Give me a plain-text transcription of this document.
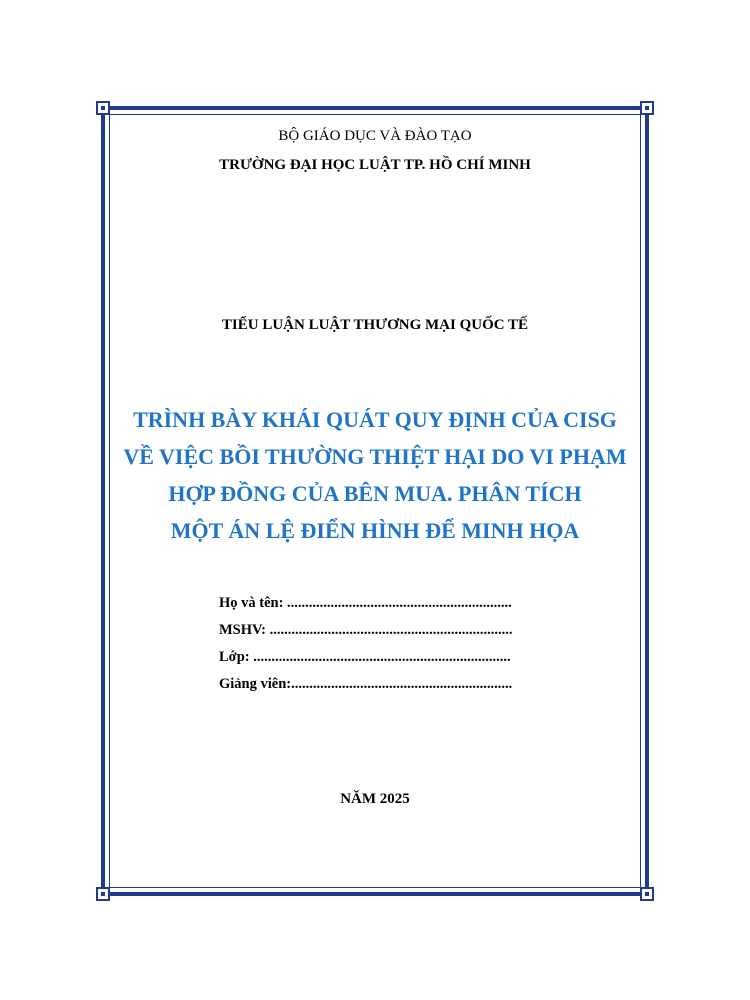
BỘ GIÁO DỤC VÀ ĐÀO TẠO
TRƯỜNG ĐẠI HỌC LUẬT TP. HỒ CHÍ MINH
TIỂU LUẬN LUẬT THƯƠNG MẠI QUỐC TẾ
TRÌNH BÀY KHÁI QUÁT QUY ĐỊNH CỦA CISG
VỀ VIỆC BỒI THƯỜNG THIỆT HẠI DO VI PHẠM
HỢP ĐỒNG CỦA BÊN MUA. PHÂN TÍCH
MỘT ÁN LỆ ĐIỂN HÌNH ĐỂ MINH HỌA
Họ và tên: ..............................................................
MSHV: ...................................................................
Lớp: .......................................................................
Giảng viên:.............................................................
NĂM 2025
